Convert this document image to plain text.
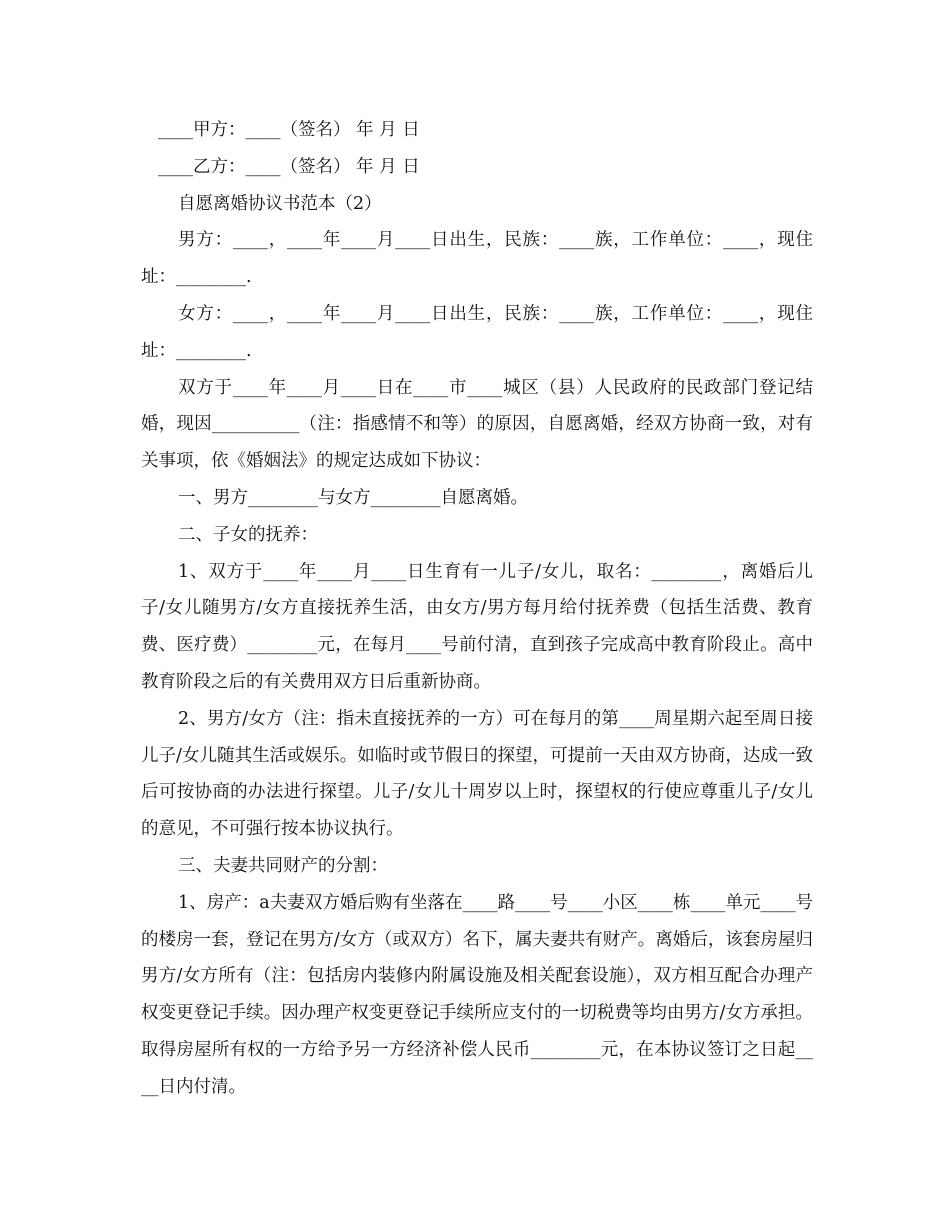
____甲方：____（签名） 年 月 日

____乙方：____（签名） 年 月 日

自愿离婚协议书范本（2）

男方：____，____年____月____日出生，民族：____族，工作单位：____，现住址：________.

女方：____，____年____月____日出生，民族：____族，工作单位：____，现住址：________.

双方于____年____月____日在____市____城区（县）人民政府的民政部门登记结婚，现因__________（注：指感情不和等）的原因，自愿离婚，经双方协商一致，对有关事项，依《婚姻法》的规定达成如下协议：

一、男方________与女方________自愿离婚。

二、子女的抚养：

1、双方于____年____月____日生育有一儿子/女儿，取名：________，离婚后儿子/女儿随男方/女方直接抚养生活，由女方/男方每月给付抚养费（包括生活费、教育费、医疗费）________元，在每月____号前付清，直到孩子完成高中教育阶段止。高中教育阶段之后的有关费用双方日后重新协商。

2、男方/女方（注：指未直接抚养的一方）可在每月的第____周星期六起至周日接儿子/女儿随其生活或娱乐。如临时或节假日的探望，可提前一天由双方协商，达成一致后可按协商的办法进行探望。儿子/女儿十周岁以上时，探望权的行使应尊重儿子/女儿的意见，不可强行按本协议执行。

三、夫妻共同财产的分割：

1、房产：a夫妻双方婚后购有坐落在____路____号____小区____栋____单元____号的楼房一套，登记在男方/女方（或双方）名下，属夫妻共有财产。离婚后，该套房屋归男方/女方所有（注：包括房内装修内附属设施及相关配套设施），双方相互配合办理产权变更登记手续。因办理产权变更登记手续所应支付的一切税费等均由男方/女方承担。取得房屋所有权的一方给予另一方经济补偿人民币________元，在本协议签订之日起____日内付清。
